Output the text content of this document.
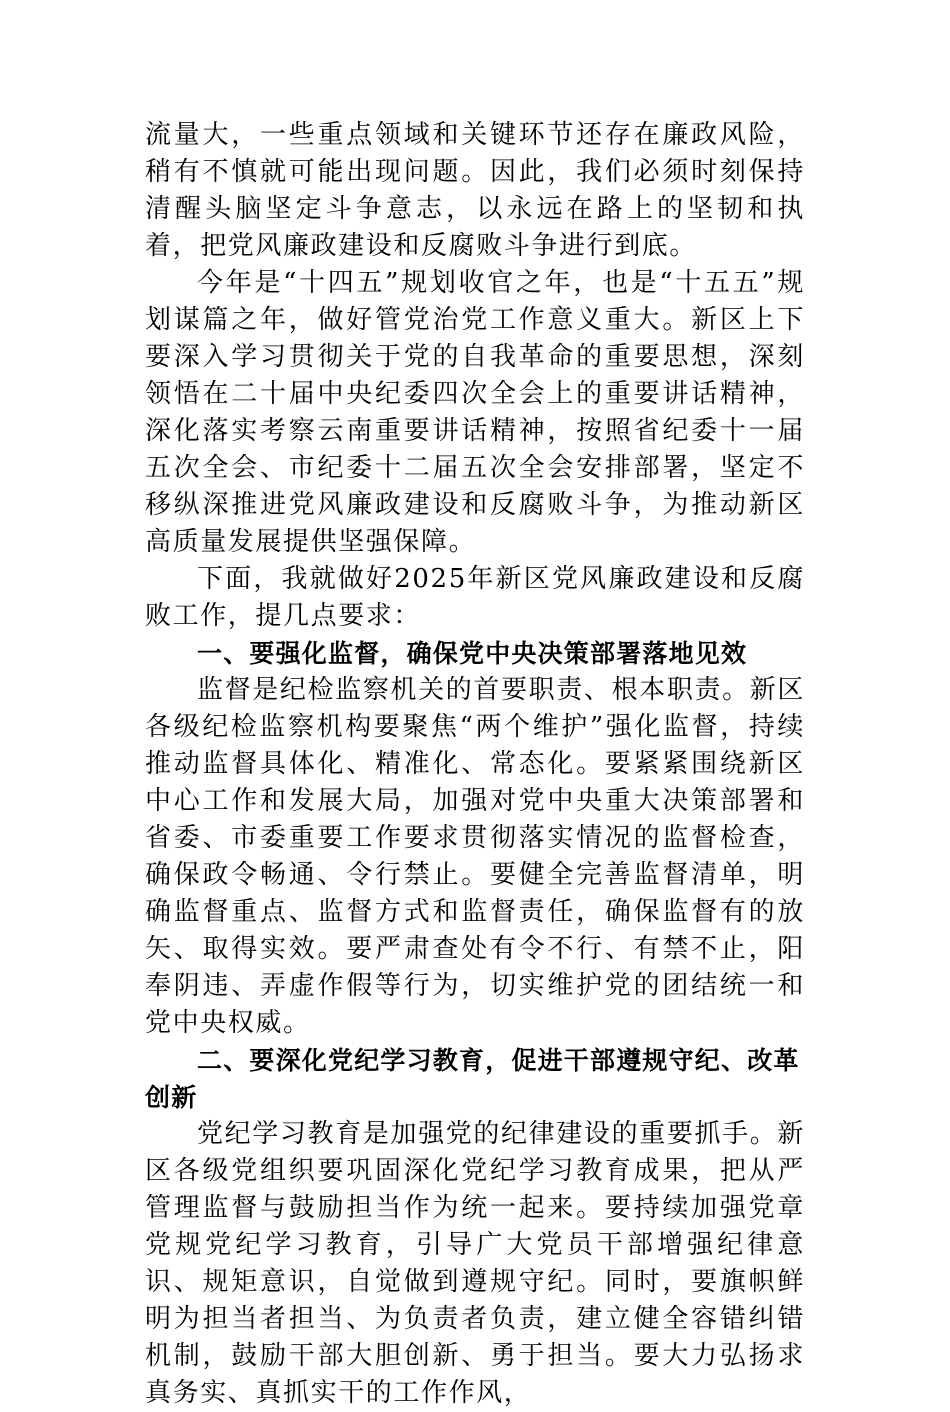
流量大，一些重点领域和关键环节还存在廉政风险，稍有不慎就可能出现问题。因此，我们必须时刻保持清醒头脑坚定斗争意志，以永远在路上的坚韧和执着，把党风廉政建设和反腐败斗争进行到底。

今年是“十四五”规划收官之年，也是“十五五”规划谋篇之年，做好管党治党工作意义重大。新区上下要深入学习贯彻关于党的自我革命的重要思想，深刻领悟在二十届中央纪委四次全会上的重要讲话精神，深化落实考察云南重要讲话精神，按照省纪委十一届五次全会、市纪委十二届五次全会安排部署，坚定不移纵深推进党风廉政建设和反腐败斗争，为推动新区高质量发展提供坚强保障。

下面，我就做好2025年新区党风廉政建设和反腐败工作，提几点要求：

一、要强化监督，确保党中央决策部署落地见效

监督是纪检监察机关的首要职责、根本职责。新区各级纪检监察机构要聚焦“两个维护”强化监督，持续推动监督具体化、精准化、常态化。要紧紧围绕新区中心工作和发展大局，加强对党中央重大决策部署和省委、市委重要工作要求贯彻落实情况的监督检查，确保政令畅通、令行禁止。要健全完善监督清单，明确监督重点、监督方式和监督责任，确保监督有的放矢、取得实效。要严肃查处有令不行、有禁不止，阳奉阴违、弄虚作假等行为，切实维护党的团结统一和党中央权威。

二、要深化党纪学习教育，促进干部遵规守纪、改革创新

党纪学习教育是加强党的纪律建设的重要抓手。新区各级党组织要巩固深化党纪学习教育成果，把从严管理监督与鼓励担当作为统一起来。要持续加强党章党规党纪学习教育，引导广大党员干部增强纪律意识、规矩意识，自觉做到遵规守纪。同时，要旗帜鲜明为担当者担当、为负责者负责，建立健全容错纠错机制，鼓励干部大胆创新、勇于担当。要大力弘扬求真务实、真抓实干的工作作风，
